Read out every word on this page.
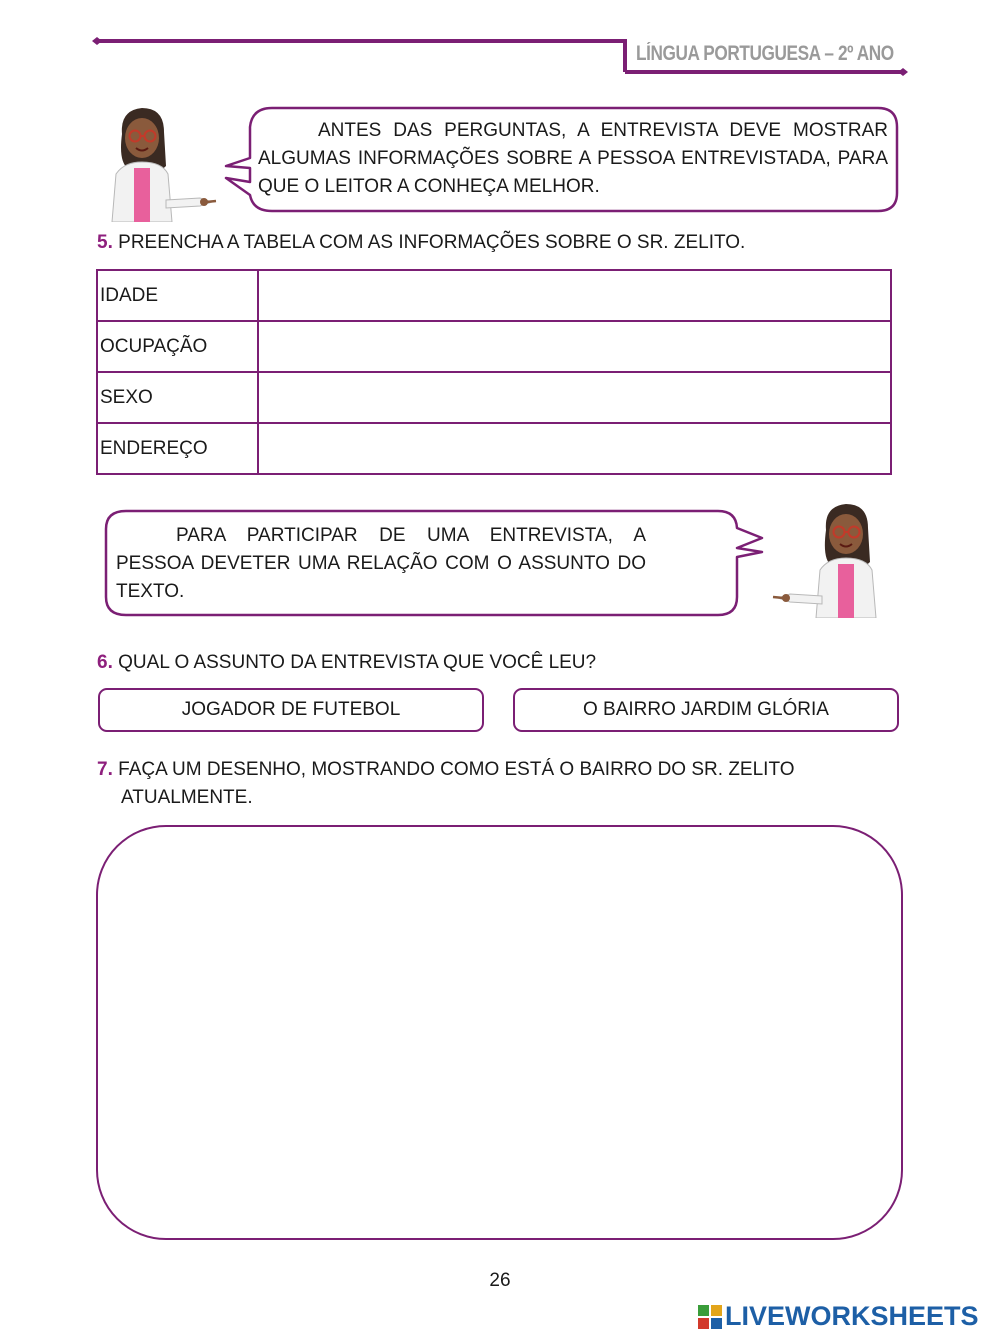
LÍNGUA PORTUGUESA – 2º ANO

ANTES DAS PERGUNTAS, A ENTREVISTA DEVE MOSTRAR ALGUMAS INFORMAÇÕES SOBRE A PESSOA ENTREVISTADA, PARA QUE O LEITOR A CONHEÇA MELHOR.

PARA PARTICIPAR DE UMA ENTREVISTA, A PESSOA DEVETER UMA RELAÇÃO COM O ASSUNTO DO TEXTO.

5. PREENCHA A TABELA COM AS INFORMAÇÕES SOBRE O SR. ZELITO.
IDADE	
OCUPAÇÃO	
SEXO	
ENDEREÇO	
6. QUAL O ASSUNTO DA ENTREVISTA QUE VOCÊ LEU?
JOGADOR DE FUTEBOL	O BAIRRO JARDIM GLÓRIA
7. FAÇA UM DESENHO, MOSTRANDO COMO ESTÁ O BAIRRO DO SR. ZELITO
ATUALMENTE.
26
LIVEWORKSHEETS
